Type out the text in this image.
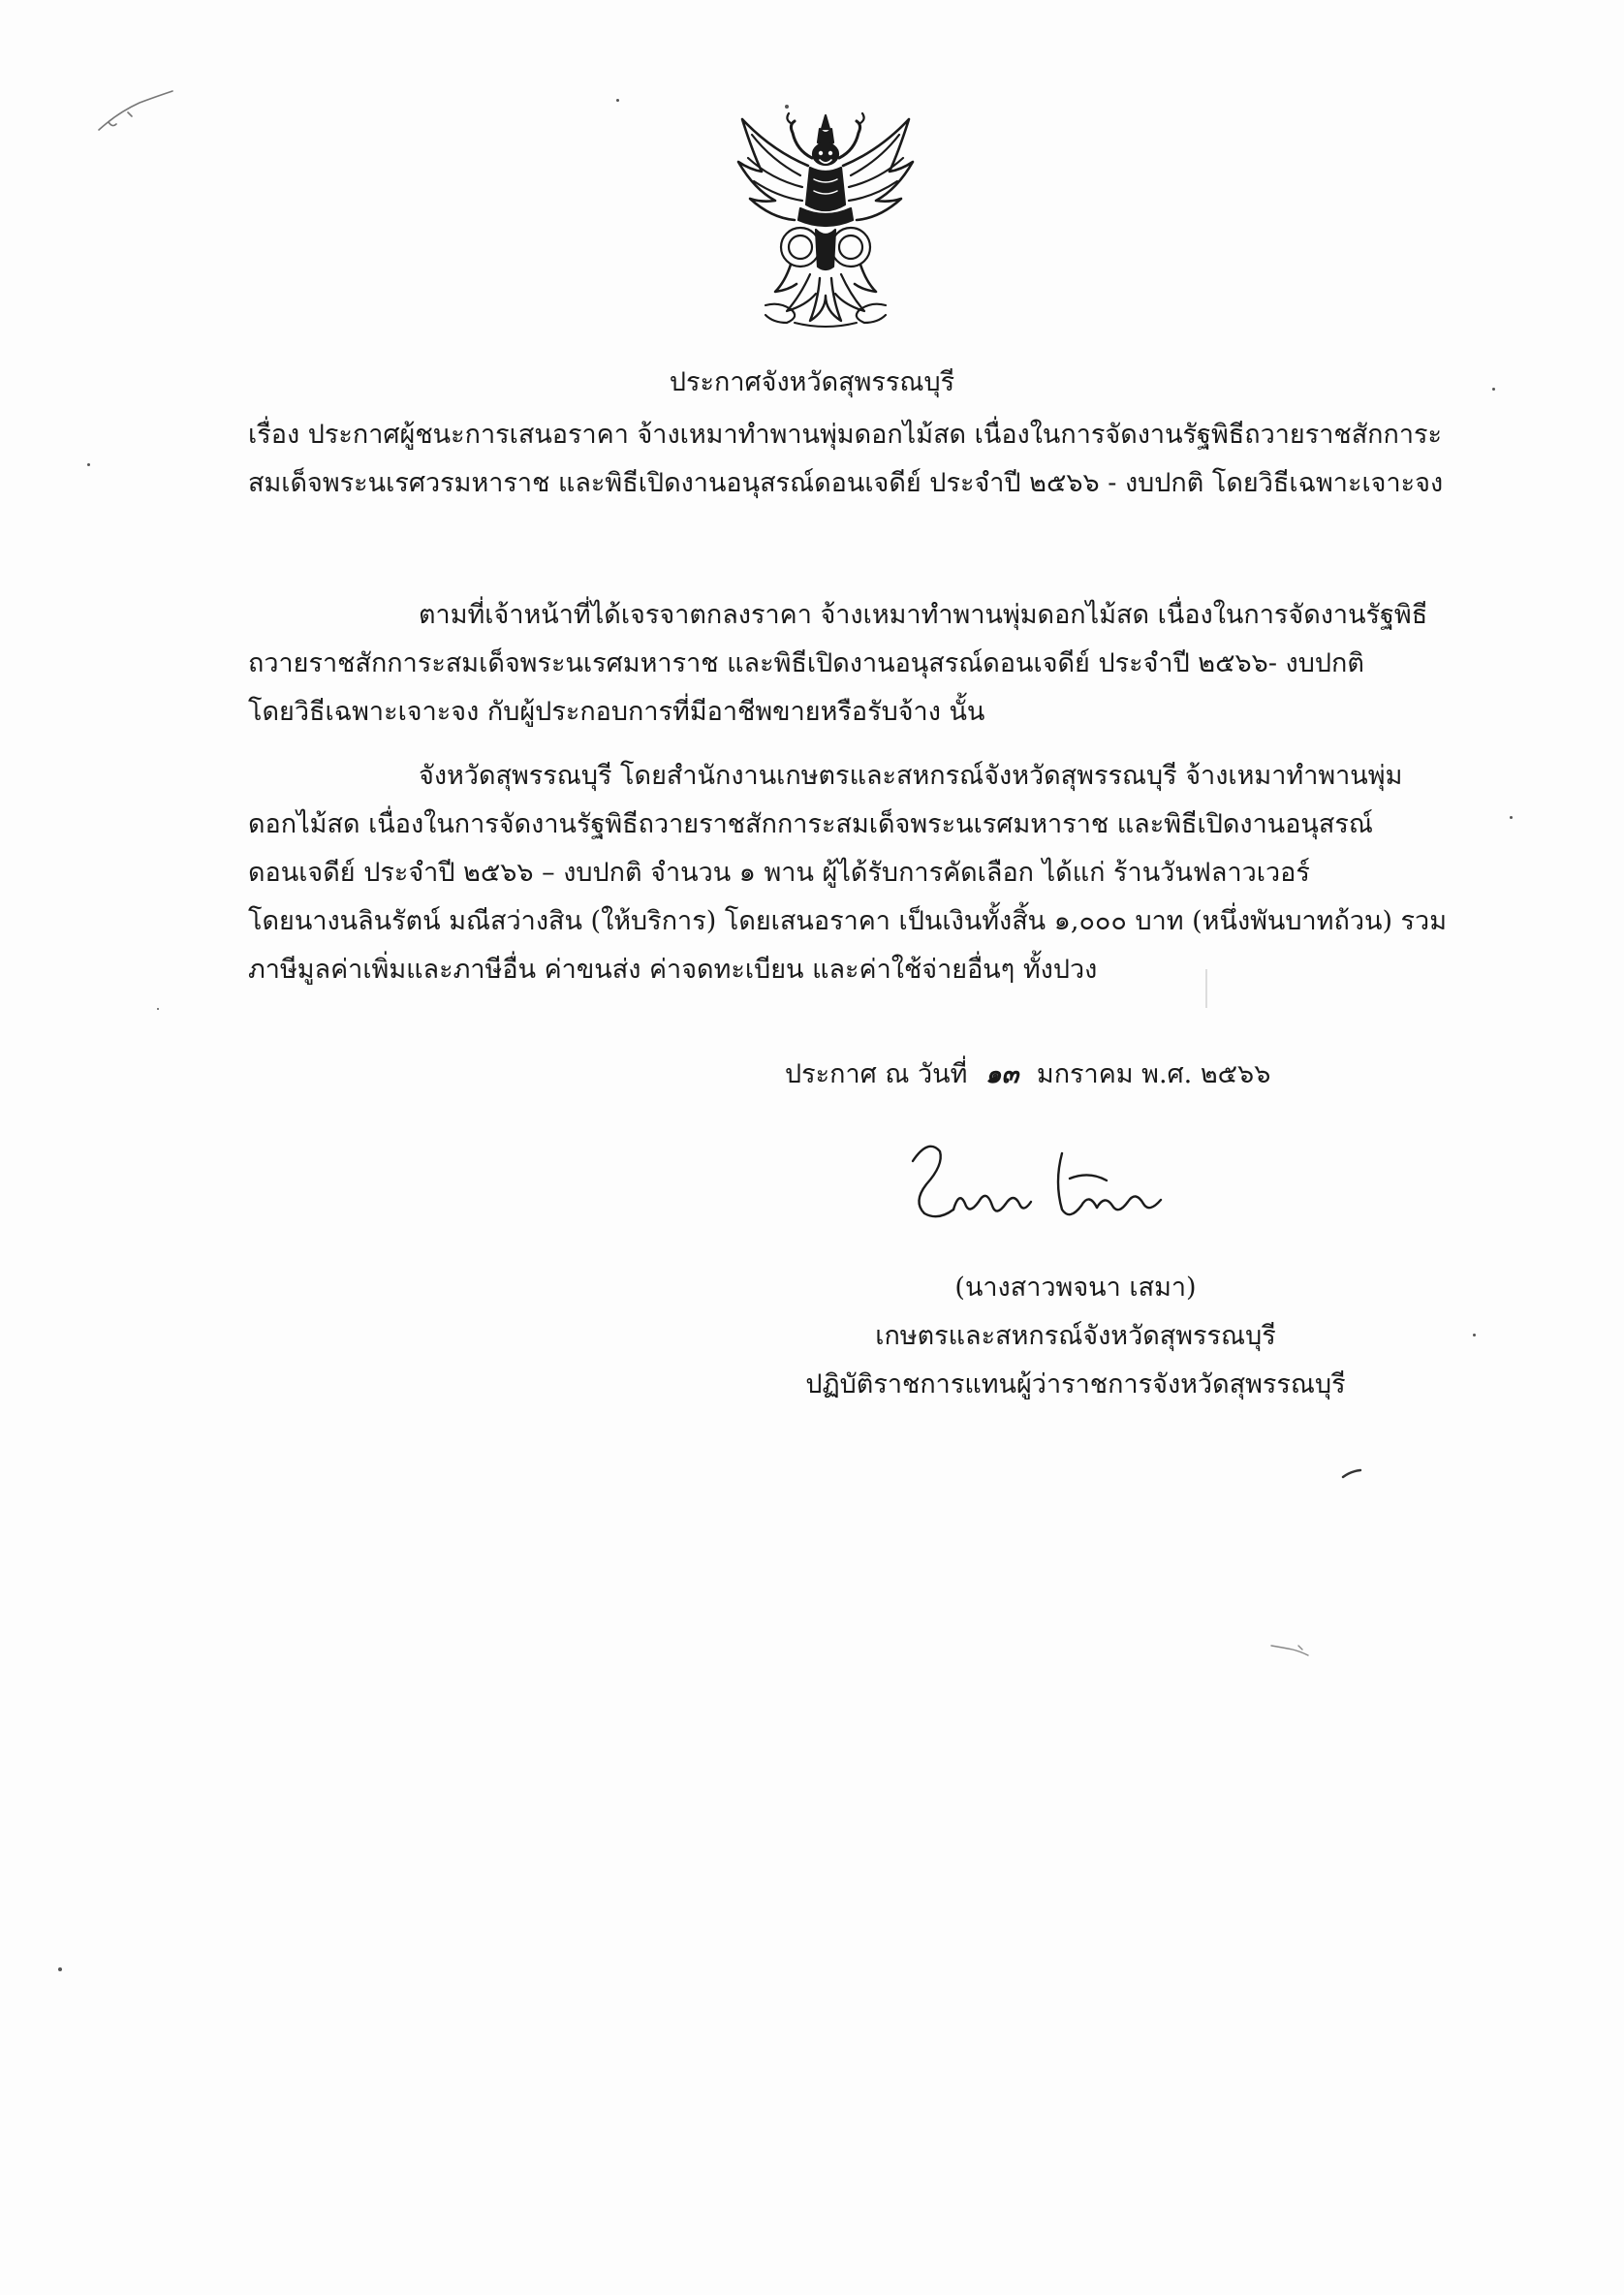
ประกาศจังหวัดสุพรรณบุรี
เรื่อง ประกาศผู้ชนะการเสนอราคา จ้างเหมาทำพานพุ่มดอกไม้สด เนื่องในการจัดงานรัฐพิธีถวายราชสักการะ
สมเด็จพระนเรศวรมหาราช และพิธีเปิดงานอนุสรณ์ดอนเจดีย์ ประจำปี ๒๕๖๖ - งบปกติ โดยวิธีเฉพาะเจาะจง
ตามที่เจ้าหน้าที่ได้เจรจาตกลงราคา จ้างเหมาทำพานพุ่มดอกไม้สด เนื่องในการจัดงานรัฐพิธี
ถวายราชสักการะสมเด็จพระนเรศมหาราช และพิธีเปิดงานอนุสรณ์ดอนเจดีย์ ประจำปี ๒๕๖๖- งบปกติ
โดยวิธีเฉพาะเจาะจง กับผู้ประกอบการที่มีอาชีพขายหรือรับจ้าง นั้น
จังหวัดสุพรรณบุรี โดยสำนักงานเกษตรและสหกรณ์จังหวัดสุพรรณบุรี จ้างเหมาทำพานพุ่ม
ดอกไม้สด เนื่องในการจัดงานรัฐพิธีถวายราชสักการะสมเด็จพระนเรศมหาราช และพิธีเปิดงานอนุสรณ์
ดอนเจดีย์ ประจำปี ๒๕๖๖ – งบปกติ จำนวน ๑ พาน ผู้ได้รับการคัดเลือก ได้แก่ ร้านวันฟลาวเวอร์
โดยนางนลินรัตน์ มณีสว่างสิน (ให้บริการ) โดยเสนอราคา เป็นเงินทั้งสิ้น ๑,๐๐๐ บาท (หนึ่งพันบาทถ้วน) รวม
ภาษีมูลค่าเพิ่มและภาษีอื่น ค่าขนส่ง ค่าจดทะเบียน และค่าใช้จ่ายอื่นๆ ทั้งปวง
ประกาศ ณ วันที่ ๑๓ มกราคม พ.ศ. ๒๕๖๖
(นางสาวพจนา เสมา)
เกษตรและสหกรณ์จังหวัดสุพรรณบุรี
ปฏิบัติราชการแทนผู้ว่าราชการจังหวัดสุพรรณบุรี
